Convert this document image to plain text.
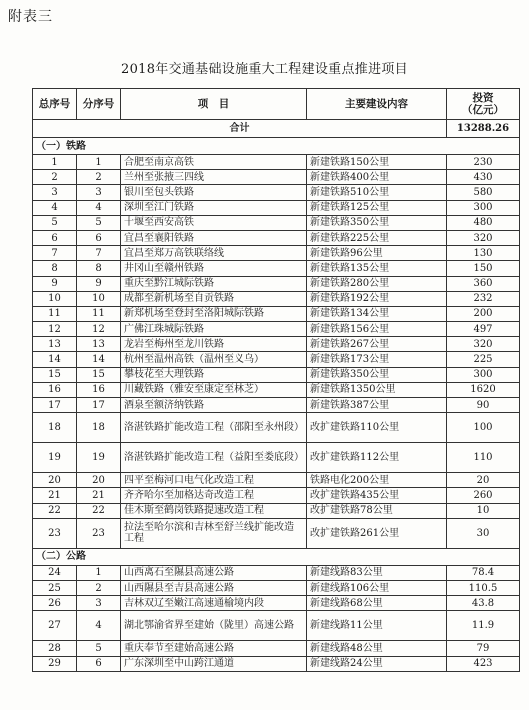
附表三
2018年交通基础设施重大工程建设重点推进项目
总序号	分序号	项　目	主要建设内容	投资
（亿元）
合计				13288.26
（一）铁路				
1	1	合肥至南京高铁	新建铁路150公里	230
2	2	兰州至张掖三四线	新建铁路400公里	430
3	3	银川至包头铁路	新建铁路510公里	580
4	4	深圳至江门铁路	新建铁路125公里	300
5	5	十堰至西安高铁	新建铁路350公里	480
6	6	宜昌至襄阳铁路	新建铁路225公里	320
7	7	宜昌至郑万高铁联络线	新建铁路96公里	130
8	8	井冈山至赣州铁路	新建铁路135公里	150
9	9	重庆至黔江城际铁路	新建铁路280公里	360
10	10	成都至新机场至自贡铁路	新建铁路192公里	232
11	11	新郑机场至登封至洛阳城际铁路	新建铁路134公里	200
12	12	广佛江珠城际铁路	新建铁路156公里	497
13	13	龙岩至梅州至龙川铁路	新建铁路267公里	320
14	14	杭州至温州高铁（温州至义乌）	新建铁路173公里	225
15	15	攀枝花至大理铁路	新建铁路350公里	300
16	16	川藏铁路（雅安至康定至林芝）	新建铁路1350公里	1620
17	17	酒泉至额济纳铁路	新建铁路387公里	90
18	18	洛湛铁路扩能改造工程（邵阳至永州段）	改扩建铁路110公里	100
19	19	洛湛铁路扩能改造工程（益阳至娄底段）	改扩建铁路112公里	110
20	20	四平至梅河口电气化改造工程	铁路电化200公里	20
21	21	齐齐哈尔至加格达奇改造工程	改扩建铁路435公里	260
22	22	佳木斯至鹤岗铁路提速改造工程	改扩建铁路78公里	10
23	23	拉法至哈尔滨和吉林至舒兰线扩能改造工程	改扩建铁路261公里	30
（二）公路				
24	1	山西离石至隰县高速公路	新建线路83公里	78.4
25	2	山西隰县至吉县高速公路	新建线路106公里	110.5
26	3	吉林双辽至嫩江高速通榆境内段	新建线路68公里	43.8
27	4	湖北鄂渝省界至建始（陇里）高速公路	新建线路11公里	11.9
28	5	重庆奉节至建始高速公路	新建线路48公里	79
29	6	广东深圳至中山跨江通道	新建线路24公里	423
